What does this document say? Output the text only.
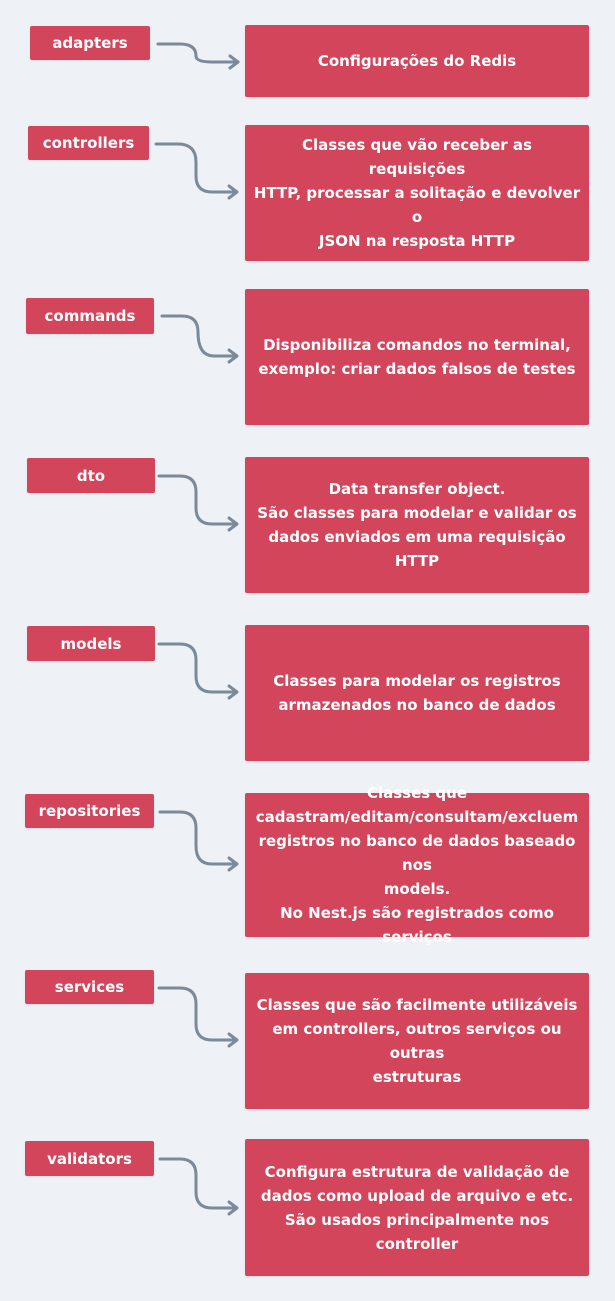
adapters
Configurações do Redis
controllers	Classes que vão receber as requisições
HTTP, processar a solitação e devolver o
JSON na resposta HTTP
commands
Disponibiliza comandos no terminal,
exemplo: criar dados falsos de testes
dto
Data transfer object.
São classes para modelar e validar os
dados enviados em uma requisição HTTP
models
Classes para modelar os registros
armazenados no banco de dados
repositories
Classes que
cadastram/editam/consultam/excluem
registros no banco de dados baseado nos
models.
No Nest.js são registrados como serviços
services
Classes que são facilmente utilizáveis
em controllers, outros serviços ou outras
estruturas
validators
Configura estrutura de validação de
dados como upload de arquivo e etc.
São usados principalmente nos
controller
